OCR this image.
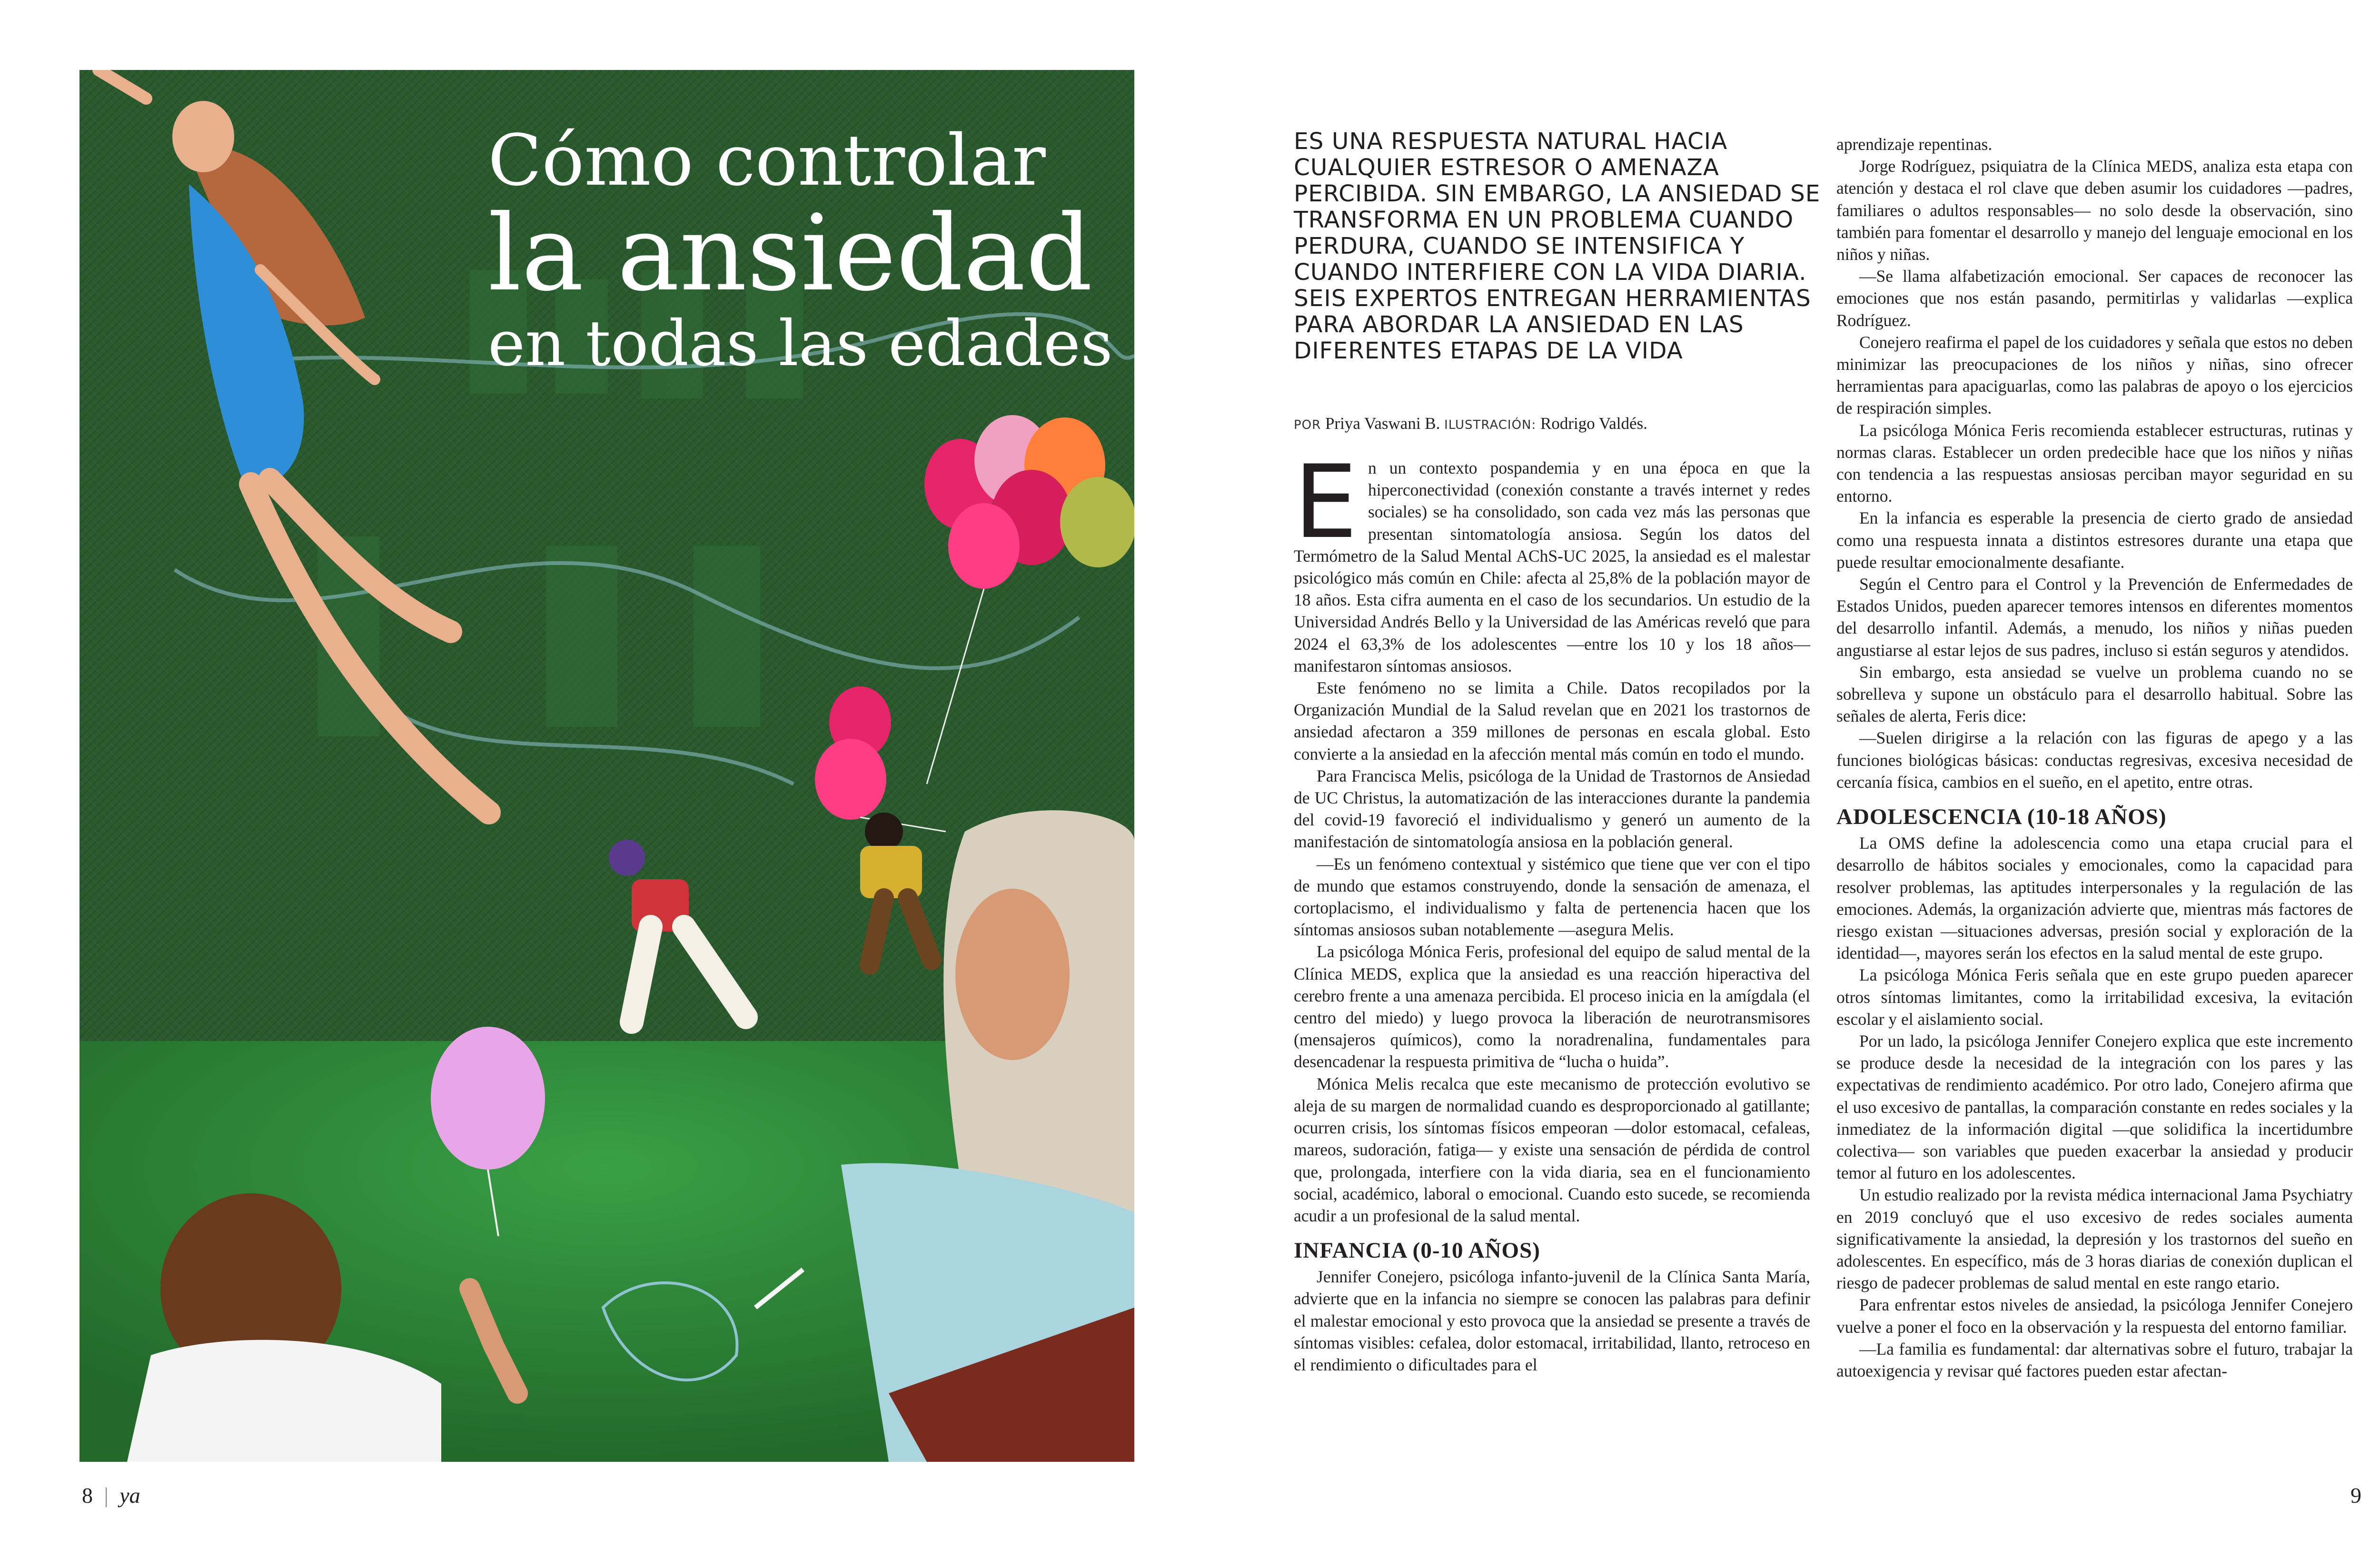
Cómo controlar
la ansiedad
en todas las edades
ES UNA RESPUESTA NATURAL HACIA CUALQUIER ESTRESOR O AMENAZA PERCIBIDA. SIN EMBARGO, LA ANSIEDAD SE TRANSFORMA EN UN PROBLEMA CUANDO PERDURA, CUANDO SE INTENSIFICA Y CUANDO INTERFIERE CON LA VIDA DIARIA. SEIS EXPERTOS ENTREGAN HERRAMIENTAS PARA ABORDAR LA ANSIEDAD EN LAS DIFERENTES ETAPAS DE LA VIDA
POR Priya Vaswani B. ILUSTRACIÓN: Rodrigo Valdés.

En un contexto pospandemia y en una época en que la hiperconectividad (conexión constante a través internet y redes sociales) se ha consolidado, son cada vez más las personas que presentan sintomatología ansiosa. Según los datos del Termómetro de la Salud Mental AChS-UC 2025, la ansiedad es el malestar psicológico más común en Chile: afecta al 25,8% de la población mayor de 18 años. Esta cifra aumenta en el caso de los secundarios. Un estudio de la Universidad Andrés Bello y la Universidad de las Américas reveló que para 2024 el 63,3% de los adolescentes —entre los 10 y los 18 años— manifestaron síntomas ansiosos.

Este fenómeno no se limita a Chile. Datos recopilados por la Organización Mundial de la Salud revelan que en 2021 los trastornos de ansiedad afectaron a 359 millones de personas en escala global. Esto convierte a la ansiedad en la afección mental más común en todo el mundo.

Para Francisca Melis, psicóloga de la Unidad de Trastornos de Ansiedad de UC Christus, la automatización de las interacciones durante la pandemia del covid-19 favoreció el individualismo y generó un aumento de la manifestación de sintomatología ansiosa en la población general.

—Es un fenómeno contextual y sistémico que tiene que ver con el tipo de mundo que estamos construyendo, donde la sensación de amenaza, el cortoplacismo, el individualismo y falta de pertenencia hacen que los síntomas ansiosos suban notablemente —asegura Melis.

La psicóloga Mónica Feris, profesional del equipo de salud mental de la Clínica MEDS, explica que la ansiedad es una reacción hiperactiva del cerebro frente a una amenaza percibida. El proceso inicia en la amígdala (el centro del miedo) y luego provoca la liberación de neurotransmisores (mensajeros químicos), como la noradrenalina, fundamentales para desencadenar la respuesta primitiva de “lucha o huida”.

Mónica Melis recalca que este mecanismo de protección evolutivo se aleja de su margen de normalidad cuando es desproporcionado al gatillante; ocurren crisis, los síntomas físicos empeoran —dolor estomacal, cefaleas, mareos, sudoración, fatiga— y existe una sensación de pérdida de control que, prolongada, interfiere con la vida diaria, sea en el funcionamiento social, académico, laboral o emocional. Cuando esto sucede, se recomienda acudir a un profesional de la salud mental.

INFANCIA (0-10 AÑOS)

Jennifer Conejero, psicóloga infanto-juvenil de la Clínica Santa María, advierte que en la infancia no siempre se conocen las palabras para definir el malestar emocional y esto provoca que la ansiedad se presente a través de síntomas visibles: cefalea, dolor estomacal, irritabilidad, llanto, retroceso en el rendimiento o dificultades para el

aprendizaje repentinas.

Jorge Rodríguez, psiquiatra de la Clínica MEDS, analiza esta etapa con atención y destaca el rol clave que deben asumir los cuidadores —padres, familiares o adultos responsables— no solo desde la observación, sino también para fomentar el desarrollo y manejo del lenguaje emocional en los niños y niñas.

—Se llama alfabetización emocional. Ser capaces de reconocer las emociones que nos están pasando, permitirlas y validarlas —explica Rodríguez.

Conejero reafirma el papel de los cuidadores y señala que estos no deben minimizar las preocupaciones de los niños y niñas, sino ofrecer herramientas para apaciguarlas, como las palabras de apoyo o los ejercicios de respiración simples.

La psicóloga Mónica Feris recomienda establecer estructuras, rutinas y normas claras. Establecer un orden predecible hace que los niños y niñas con tendencia a las respuestas ansiosas perciban mayor seguridad en su entorno.

En la infancia es esperable la presencia de cierto grado de ansiedad como una respuesta innata a distintos estresores durante una etapa que puede resultar emocionalmente desafiante.

Según el Centro para el Control y la Prevención de Enfermedades de Estados Unidos, pueden aparecer temores intensos en diferentes momentos del desarrollo infantil. Además, a menudo, los niños y niñas pueden angustiarse al estar lejos de sus padres, incluso si están seguros y atendidos.

Sin embargo, esta ansiedad se vuelve un problema cuando no se sobrelleva y supone un obstáculo para el desarrollo habitual. Sobre las señales de alerta, Feris dice:

—Suelen dirigirse a la relación con las figuras de apego y a las funciones biológicas básicas: conductas regresivas, excesiva necesidad de cercanía física, cambios en el sueño, en el apetito, entre otras.

ADOLESCENCIA (10-18 AÑOS)

La OMS define la adolescencia como una etapa crucial para el desarrollo de hábitos sociales y emocionales, como la capacidad para resolver problemas, las aptitudes interpersonales y la regulación de las emociones. Además, la organización advierte que, mientras más factores de riesgo existan —situaciones adversas, presión social y exploración de la identidad—, mayores serán los efectos en la salud mental de este grupo.

La psicóloga Mónica Feris señala que en este grupo pueden aparecer otros síntomas limitantes, como la irritabilidad excesiva, la evitación escolar y el aislamiento social.

Por un lado, la psicóloga Jennifer Conejero explica que este incremento se produce desde la necesidad de la integración con los pares y las expectativas de rendimiento académico. Por otro lado, Conejero afirma que el uso excesivo de pantallas, la comparación constante en redes sociales y la inmediatez de la información digital —que solidifica la incertidumbre colectiva— son variables que pueden exacerbar la ansiedad y producir temor al futuro en los adolescentes.

Un estudio realizado por la revista médica internacional Jama Psychiatry en 2019 concluyó que el uso excesivo de redes sociales aumenta significativamente la ansiedad, la depresión y los trastornos del sueño en adolescentes. En específico, más de 3 horas diarias de conexión duplican el riesgo de padecer problemas de salud mental en este rango etario.

Para enfrentar estos niveles de ansiedad, la psicóloga Jennifer Conejero vuelve a poner el foco en la observación y la respuesta del entorno familiar.

—La familia es fundamental: dar alternativas sobre el futuro, trabajar la autoexigencia y revisar qué factores pueden estar afectan-

8 | ya	9
